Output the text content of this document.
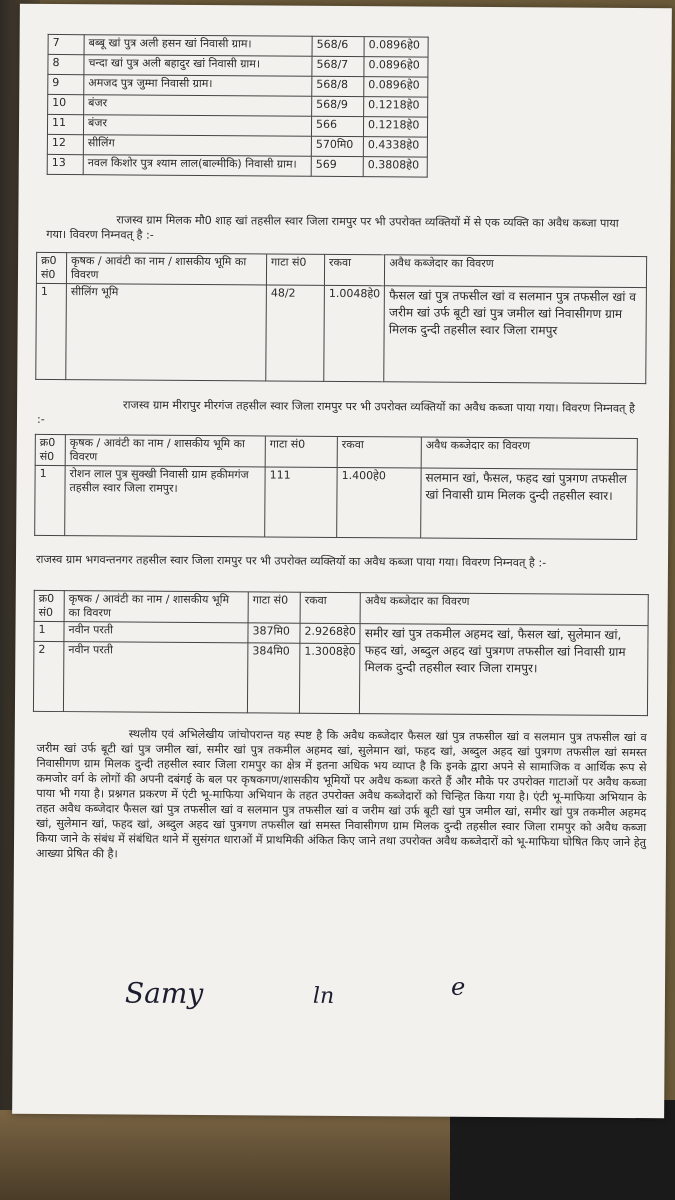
7	बब्बू खां पुत्र अली हसन खां निवासी ग्राम।	568/6	0.0896हे0
8	चन्दा खां पुत्र अली बहादुर खां निवासी ग्राम।	568/7	0.0896हे0
9	अमजद पुत्र जुम्मा निवासी ग्राम।	568/8	0.0896हे0
10	बंजर	568/9	0.1218हे0
11	बंजर	566	0.1218हे0
12	सीलिंग	570मि0	0.4338हे0
13	नवल किशोर पुत्र श्याम लाल(बाल्मीकि) निवासी ग्राम।	569	0.3808हे0
राजस्व ग्राम मिलक मौ0 शाह खां तहसील स्वार जिला रामपुर पर भी उपरोक्त व्यक्तियों में से एक व्यक्ति का अवैध कब्जा पाया गया। विवरण निम्नवत् है :-
क्र0 सं0	कृषक / आवंटी का नाम / शासकीय भूमि का विवरण	गाटा सं0	रकवा	अवैध कब्जेदार का विवरण
1	सीलिंग भूमि	48/2	1.0048हे0	फैसल खां पुत्र तफसील खां व सलमान पुत्र तफसील खां व जरीम खां उर्फ बूटी खां पुत्र जमील खां निवासीगण ग्राम मिलक दुन्दी तहसील स्वार जिला रामपुर
राजस्व ग्राम मीरापुर मीरगंज तहसील स्वार जिला रामपुर पर भी उपरोक्त व्यक्तियों का अवैध कब्जा पाया गया। विवरण निम्नवत् है :-
क्र0 सं0	कृषक / आवंटी का नाम / शासकीय भूमि का विवरण	गाटा सं0	रकवा	अवैध कब्जेदार का विवरण
1	रोशन लाल पुत्र सुक्खी निवासी ग्राम हकीमगंज तहसील स्वार जिला रामपुर।	111	1.400हे0	सलमान खां, फैसल, फहद खां पुत्रगण तफसील खां निवासी ग्राम मिलक दुन्दी तहसील स्वार।
राजस्व ग्राम भगवन्तनगर तहसील स्वार जिला रामपुर पर भी उपरोक्त व्यक्तियों का अवैध कब्जा पाया गया। विवरण निम्नवत् है :-
क्र0 सं0	कृषक / आवंटी का नाम / शासकीय भूमि का विवरण	गाटा सं0	रकवा	अवैध कब्जेदार का विवरण
1	नवीन परती	387मि0	2.9268हे0	समीर खां पुत्र तकमील अहमद खां, फैसल खां, सुलेमान खां, फहद खां, अब्दुल अहद खां पुत्रगण तफसील खां निवासी ग्राम मिलक दुन्दी तहसील स्वार जिला रामपुर।
2	नवीन परती	384मि0	1.3008हे0	
स्थलीय एवं अभिलेखीय जांचोपरान्त यह स्पष्ट है कि अवैध कब्जेदार फैसल खां पुत्र तफसील खां व सलमान पुत्र तफसील खां व जरीम खां उर्फ बूटी खां पुत्र जमील खां, समीर खां पुत्र तकमील अहमद खां, सुलेमान खां, फहद खां, अब्दुल अहद खां पुत्रगण तफसील खां समस्त निवासीगण ग्राम मिलक दुन्दी तहसील स्वार जिला रामपुर का क्षेत्र में इतना अधिक भय व्याप्त है कि इनके द्वारा अपने से सामाजिक व आर्थिक रूप से कमजोर वर्ग के लोगों की अपनी दबंगई के बल पर कृषकगण/शासकीय भूमियों पर अवैध कब्जा करते हैं और मौके पर उपरोक्त गाटाओं पर अवैध कब्जा पाया भी गया है। प्रश्नगत प्रकरण में एंटी भू-माफिया अभियान के तहत उपरोक्त अवैध कब्जेदारों को चिन्हित किया गया है। एंटी भू-माफिया अभियान के तहत अवैध कब्जेदार फैसल खां पुत्र तफसील खां व सलमान पुत्र तफसील खां व जरीम खां उर्फ बूटी खां पुत्र जमील खां, समीर खां पुत्र तकमील अहमद खां, सुलेमान खां, फहद खां, अब्दुल अहद खां पुत्रगण तफसील खां समस्त निवासीगण ग्राम मिलक दुन्दी तहसील स्वार जिला रामपुर को अवैध कब्जा किया जाने के संबंध में संबंधित थाने में सुसंगत धाराओं में प्राथमिकी अंकित किए जाने तथा उपरोक्त अवैध कब्जेदारों को भू-माफिया घोषित किए जाने हेतु आख्या प्रेषित की है।
Samy	ln	e
